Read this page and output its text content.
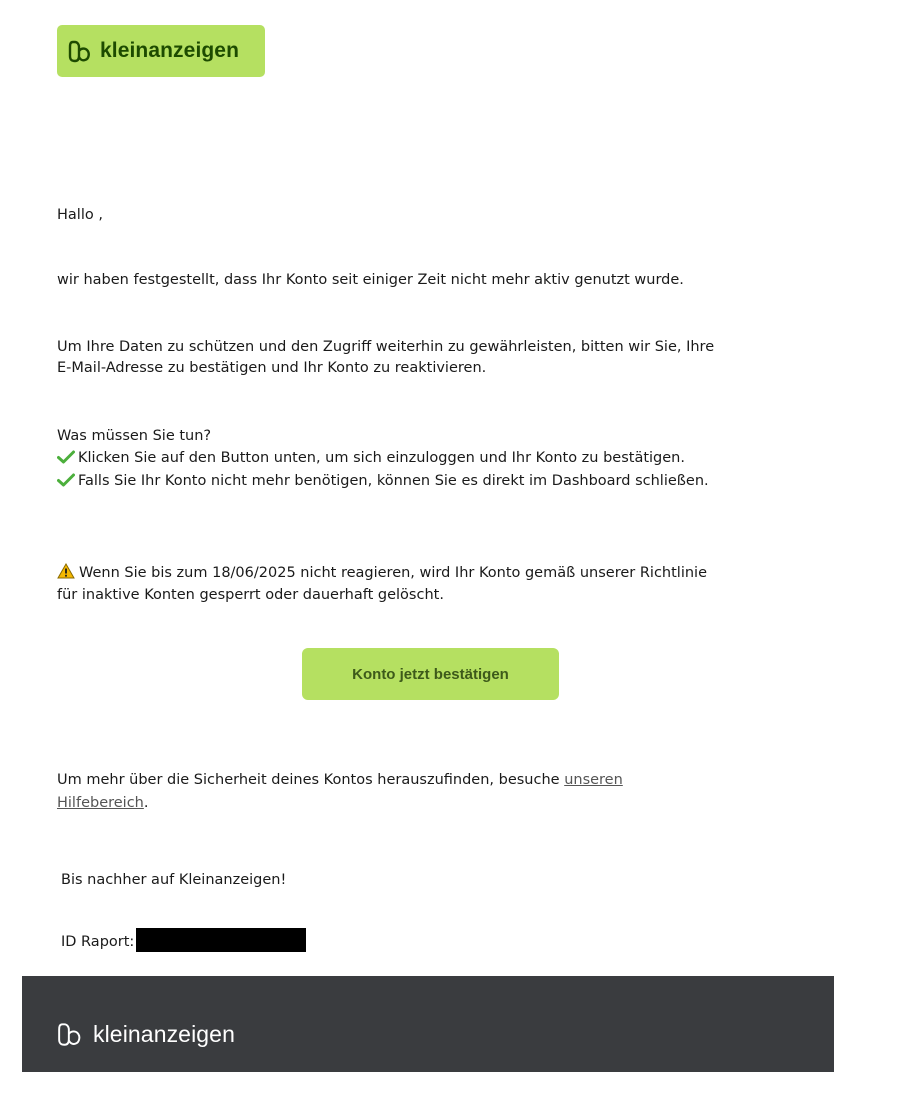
kleinanzeigen
Hallo ,
wir haben festgestellt, dass Ihr Konto seit einiger Zeit nicht mehr aktiv genutzt wurde.
Um Ihre Daten zu schützen und den Zugriff weiterhin zu gewährleisten, bitten wir Sie, Ihre
E-Mail-Adresse zu bestätigen und Ihr Konto zu reaktivieren.
Was müssen Sie tun?
Klicken Sie auf den Button unten, um sich einzuloggen und Ihr Konto zu bestätigen.
Falls Sie Ihr Konto nicht mehr benötigen, können Sie es direkt im Dashboard schließen.
Wenn Sie bis zum 18/06/2025 nicht reagieren, wird Ihr Konto gemäß unserer Richtlinie
für inaktive Konten gesperrt oder dauerhaft gelöscht.
Konto jetzt bestätigen
Um mehr über die Sicherheit deines Kontos herauszufinden, besuche unseren
Hilfebereich.
Bis nachher auf Kleinanzeigen!
ID Raport:
kleinanzeigen
